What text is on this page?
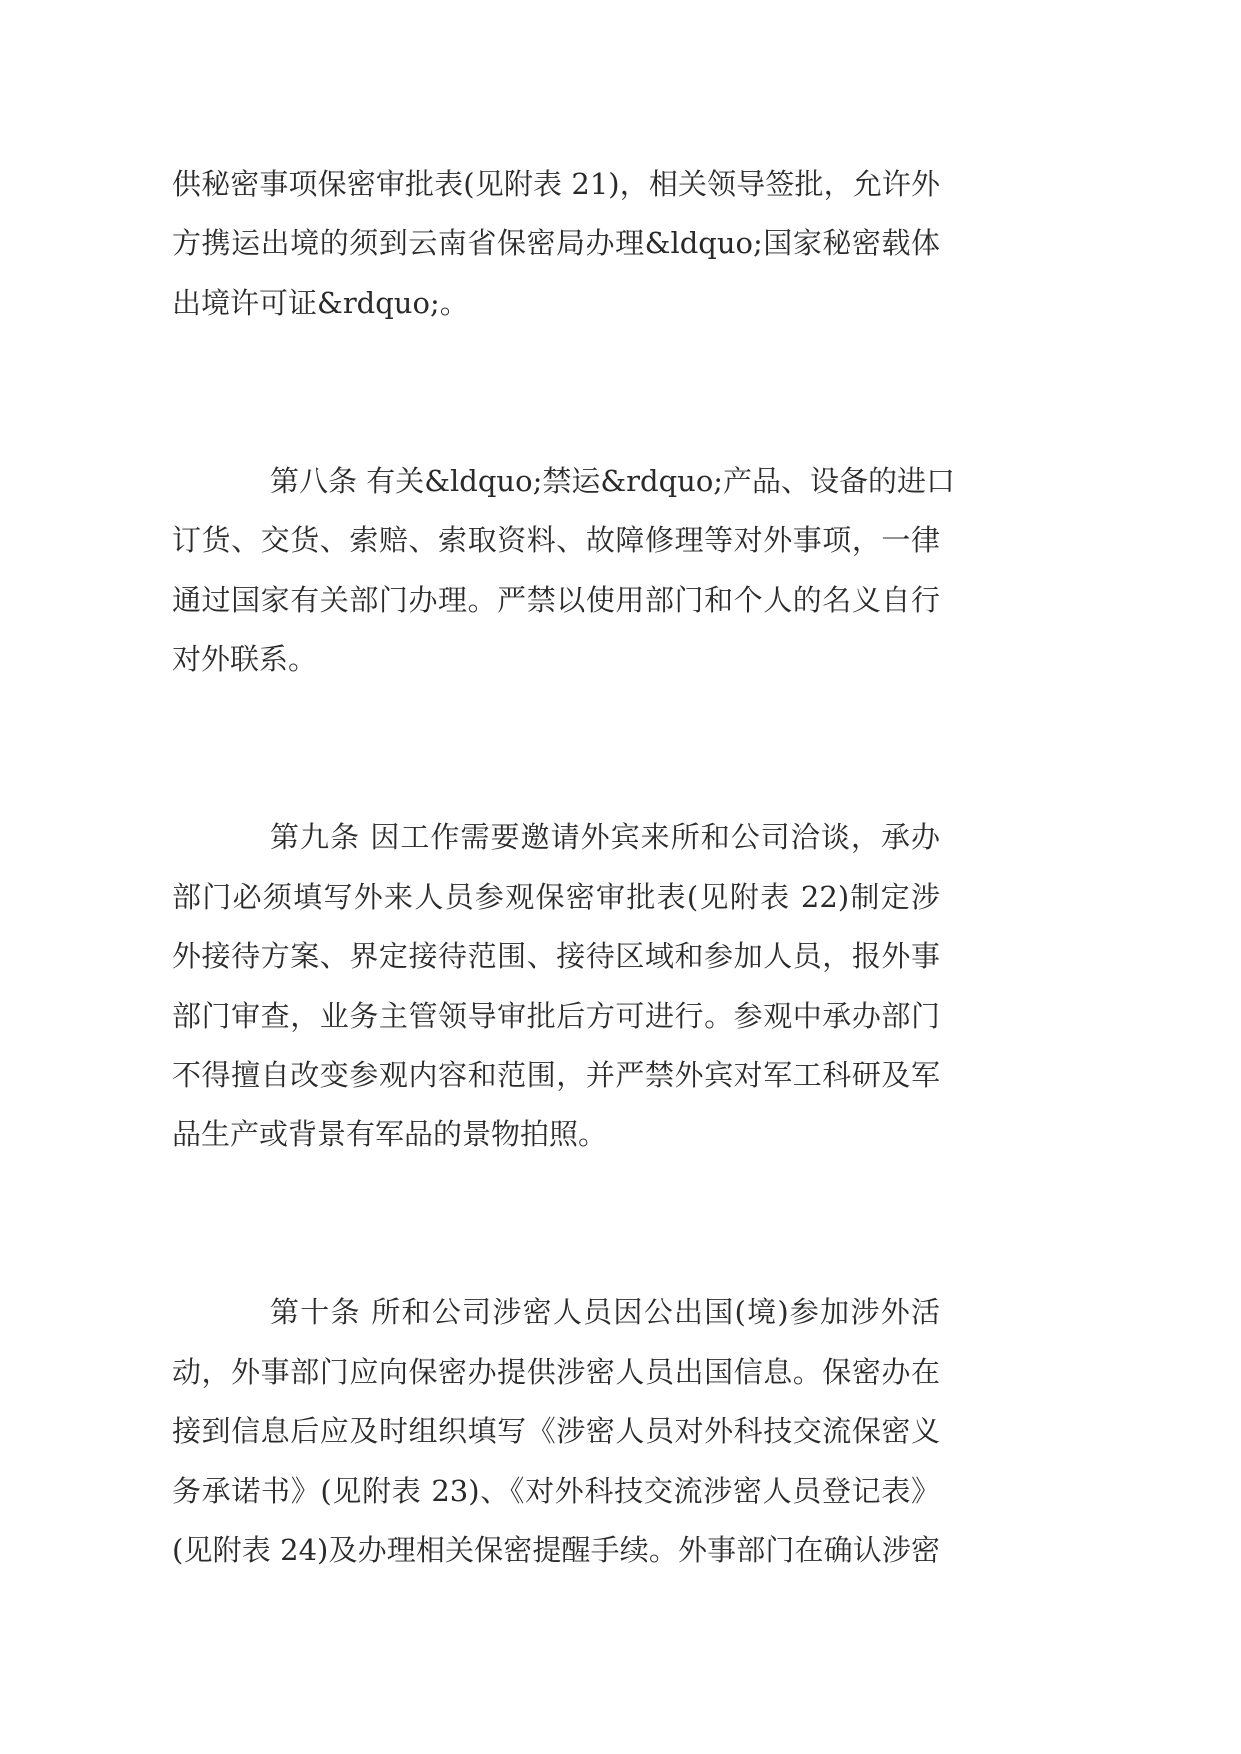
供秘密事项保密审批表(见附表 21)，相关领导签批，允许外
方携运出境的须到云南省保密局办理&ldquo;国家秘密载体
出境许可证&rdquo;。
第八条 有关&ldquo;禁运&rdquo;产品、设备的进口
订货、交货、索赔、索取资料、故障修理等对外事项，一律
通过国家有关部门办理。严禁以使用部门和个人的名义自行
对外联系。
第九条 因工作需要邀请外宾来所和公司洽谈，承办
部门必须填写外来人员参观保密审批表(见附表 22)制定涉
外接待方案、界定接待范围、接待区域和参加人员，报外事
部门审查，业务主管领导审批后方可进行。参观中承办部门
不得擅自改变参观内容和范围，并严禁外宾对军工科研及军
品生产或背景有军品的景物拍照。
第十条 所和公司涉密人员因公出国(境)参加涉外活
动，外事部门应向保密办提供涉密人员出国信息。保密办在
接到信息后应及时组织填写《涉密人员对外科技交流保密义
务承诺书》(见附表 23)、《对外科技交流涉密人员登记表》
(见附表 24)及办理相关保密提醒手续。外事部门在确认涉密
